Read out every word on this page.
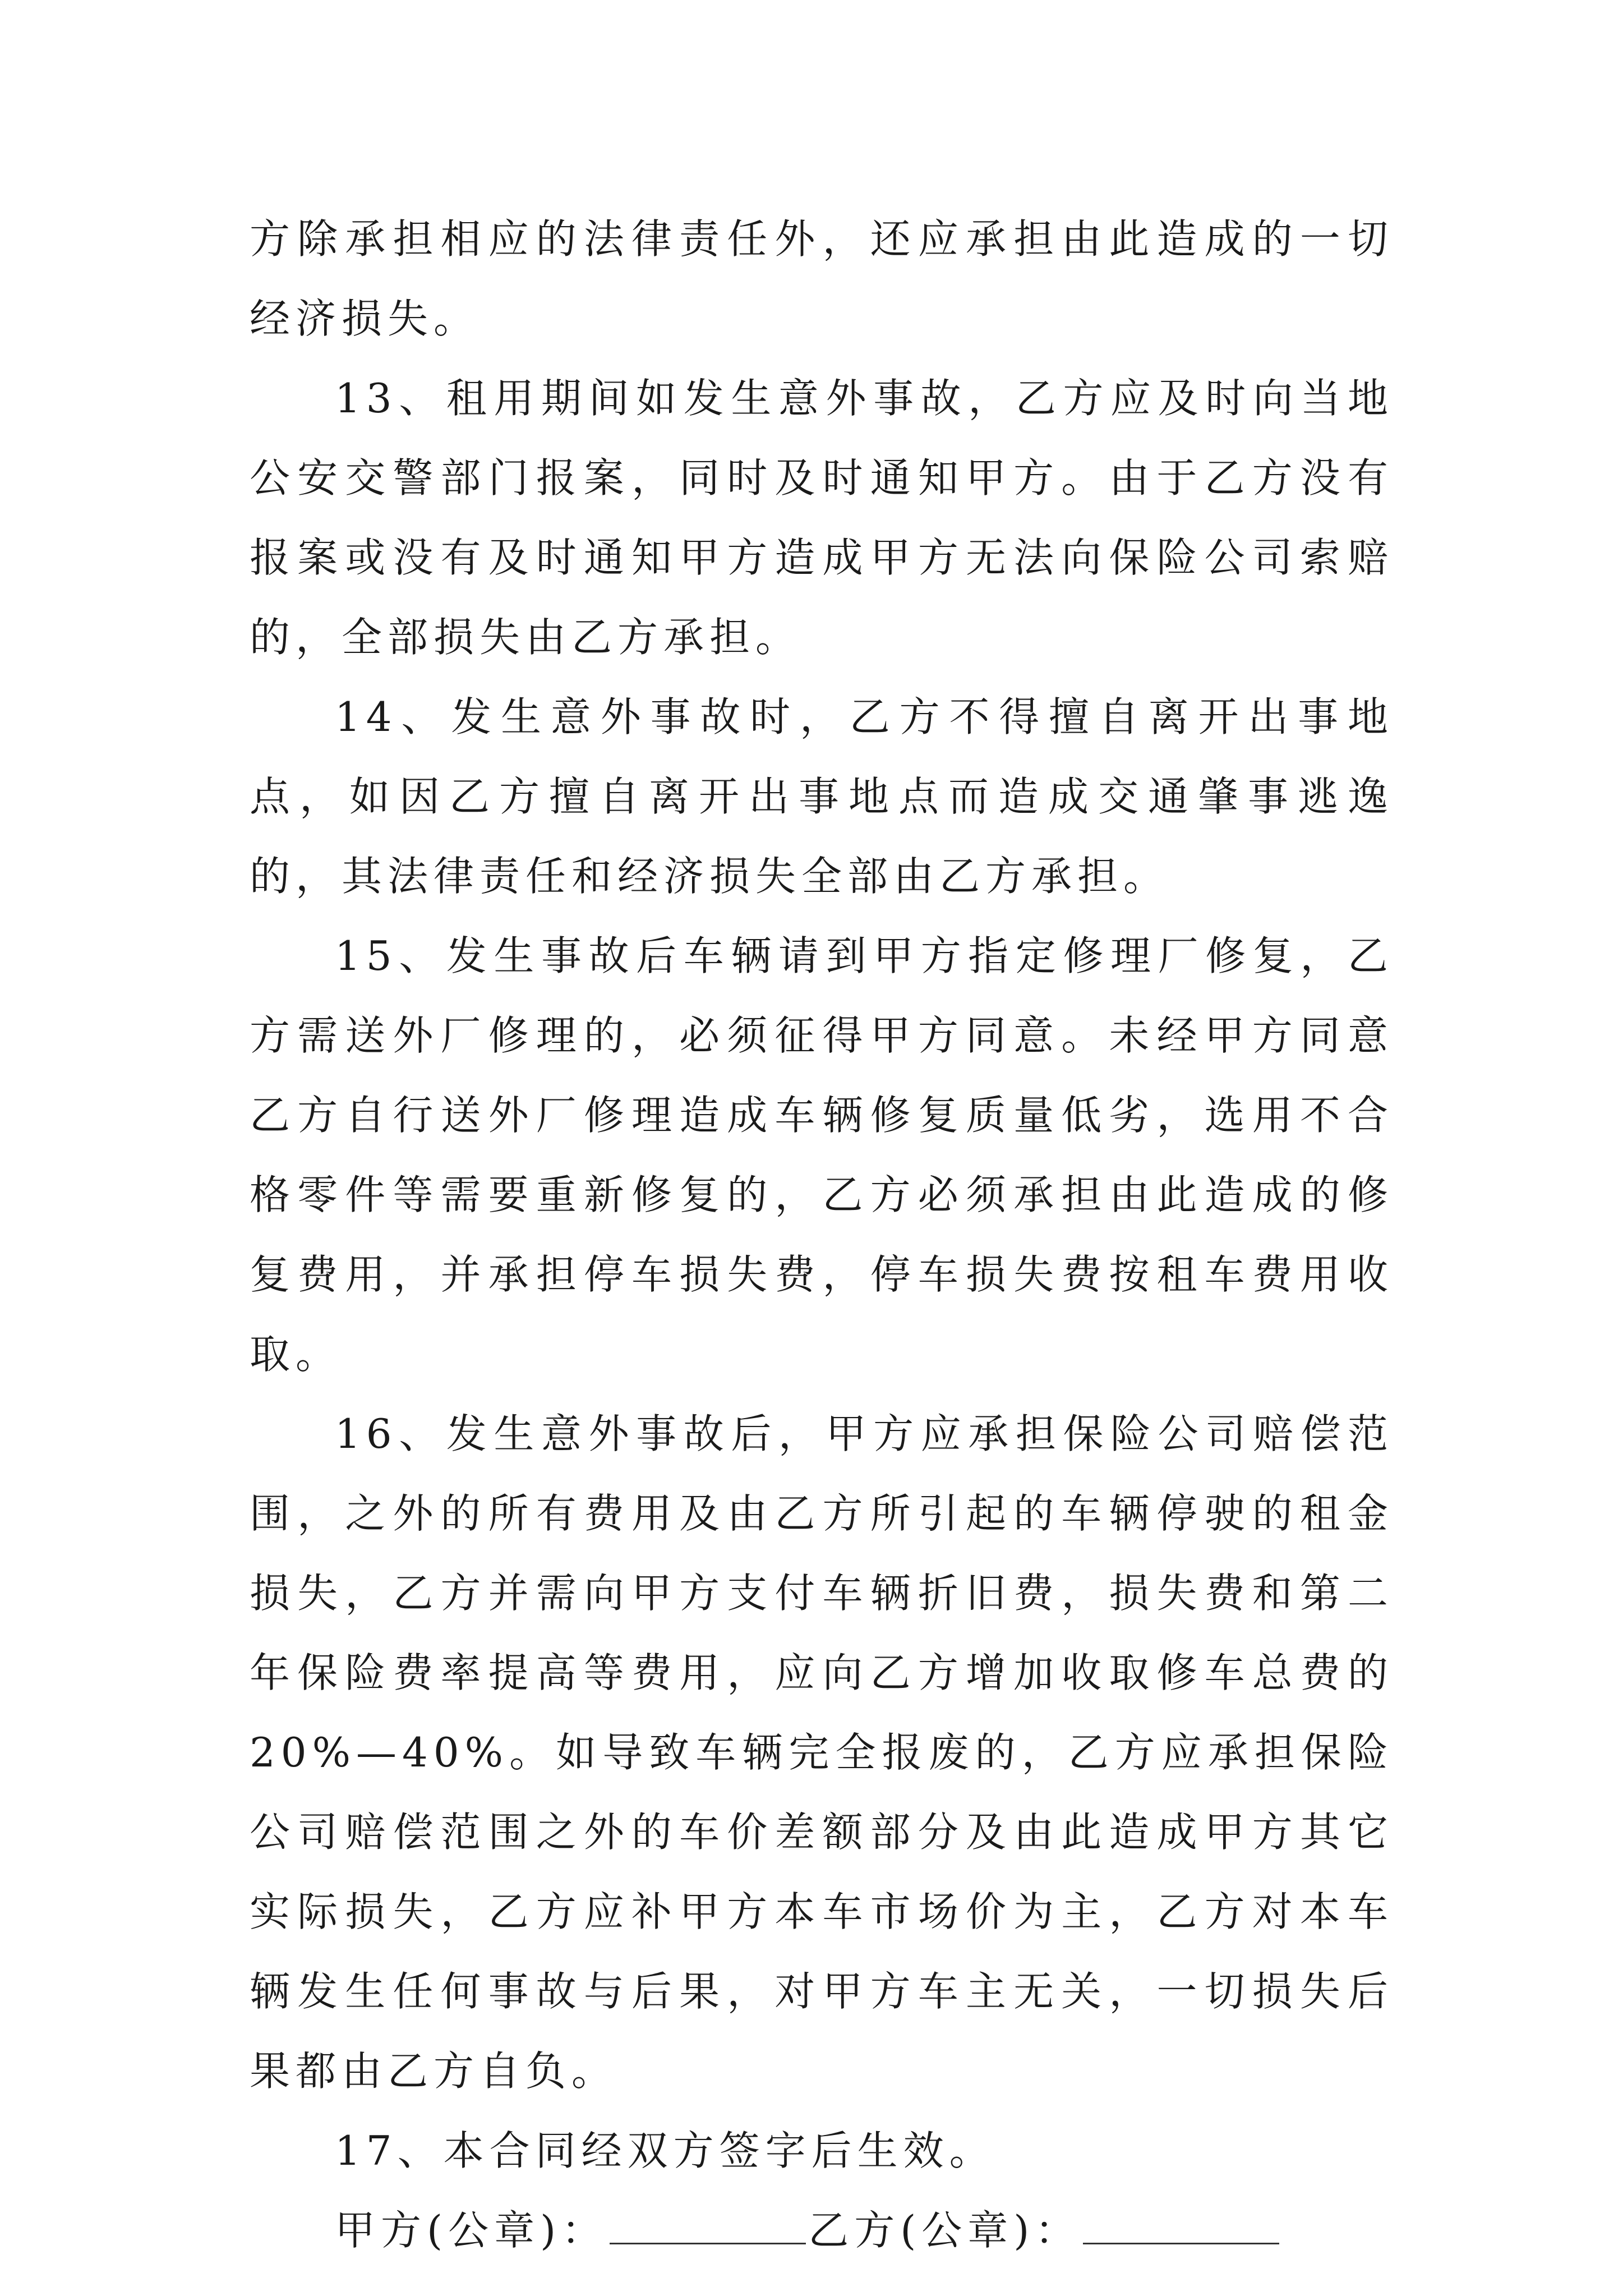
方除承担相应的法律责任外，还应承担由此造成的一切经济损失。

13、租用期间如发生意外事故，乙方应及时向当地公安交警部门报案，同时及时通知甲方。由于乙方没有报案或没有及时通知甲方造成甲方无法向保险公司索赔的，全部损失由乙方承担。

14、发生意外事故时，乙方不得擅自离开出事地点，如因乙方擅自离开出事地点而造成交通肇事逃逸的，其法律责任和经济损失全部由乙方承担。

15、发生事故后车辆请到甲方指定修理厂修复，乙方需送外厂修理的，必须征得甲方同意。未经甲方同意乙方自行送外厂修理造成车辆修复质量低劣，选用不合格零件等需要重新修复的，乙方必须承担由此造成的修复费用，并承担停车损失费，停车损失费按租车费用收取。

16、发生意外事故后，甲方应承担保险公司赔偿范围，之外的所有费用及由乙方所引起的车辆停驶的租金损失，乙方并需向甲方支付车辆折旧费，损失费和第二年保险费率提高等费用，应向乙方增加收取修车总费的20%—40%。如导致车辆完全报废的，乙方应承担保险公司赔偿范围之外的车价差额部分及由此造成甲方其它实际损失，乙方应补甲方本车市场价为主，乙方对本车辆发生任何事故与后果，对甲方车主无关，一切损失后果都由乙方自负。

17、本合同经双方签字后生效。

甲方(公章)：	乙方(公章)：
